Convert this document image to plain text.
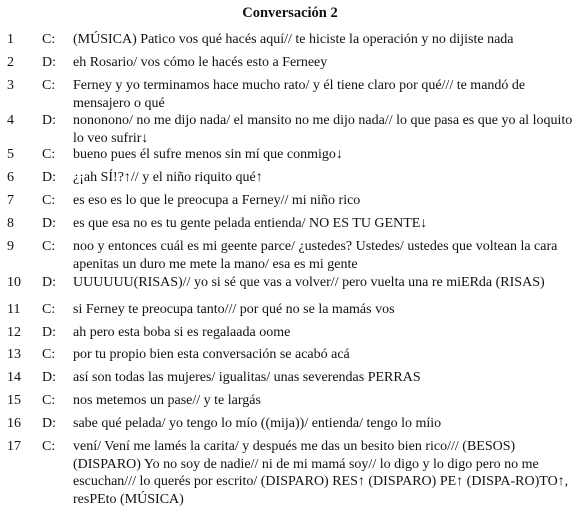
Conversación 2
1	C:	(MÚSICA) Patico vos qué hacés aquí// te hiciste la operación y no dijiste nada
2	D:	eh Rosario/ vos cómo le hacés esto a Ferneey
3	C:	Ferney y yo terminamos hace mucho rato/ y él tiene claro por qué/// te mandó de mensajero o qué
4	D:	nononono/ no me dijo nada/ el mansito no me dijo nada// lo que pasa es que yo al loquito lo veo sufrir↓
5	C:	bueno pues él sufre menos sin mí que conmigo↓
6	D:	¿¡ah SÍ!?↑// y el niño riquito qué↑
7	C:	es eso es lo que le preocupa a Ferney// mi niño rico
8	D:	es que esa no es tu gente pelada entienda/ NO ES TU GENTE↓
9	C:	noo y entonces cuál es mi geente parce/ ¿ustedes? Ustedes/ ustedes que voltean la cara apenitas un duro me mete la mano/ esa es mi gente
10	D:	UUUUUU(RISAS)// yo si sé que vas a volver// pero vuelta una re miERda (RISAS)
11	C:	si Ferney te preocupa tanto/// por qué no se la mamás vos
12	D:	ah pero esta boba si es regalaada oome
13	C:	por tu propio bien esta conversación se acabó acá
14	D:	así son todas las mujeres/ igualitas/ unas severendas PERRAS
15	C:	nos metemos un pase// y te largás
16	D:	sabe qué pelada/ yo tengo lo mío ((mija))/ entienda/ tengo lo míio
17	C:	vení/ Vení me lamés la carita/ y después me das un besito bien rico/// (BESOS) (DISPARO) Yo no soy de nadie// ni de mi mamá soy// lo digo y lo digo pero no me escuchan/// lo querés por escrito/ (DISPARO) RES↑ (DISPARO) PE↑ (DISPA-RO)TO↑, resPEto (MÚSICA)
